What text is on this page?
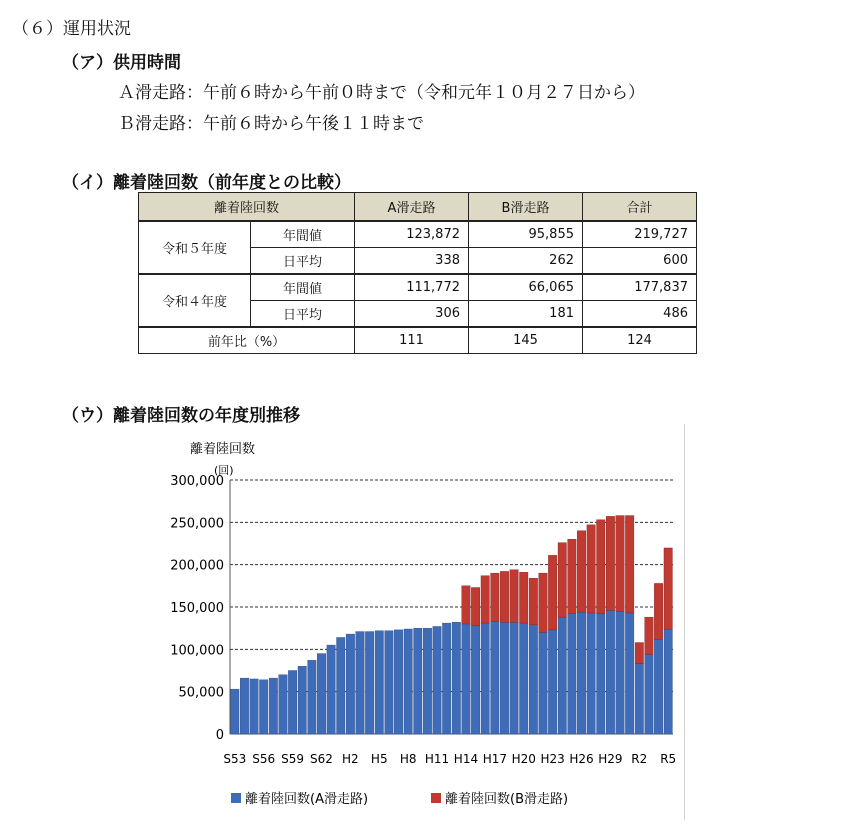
（６）運用状況
（ア）供用時間
Ａ滑走路：午前６時から午前０時まで（令和元年１０月２７日から）
Ｂ滑走路：午前６時から午後１１時まで
（イ）離着陸回数（前年度との比較）
離着陸回数		A滑走路	B滑走路	合計
令和５年度	年間値	123,872	95,855	219,727
	日平均	338	262	600
令和４年度	年間値	111,772	66,065	177,837
	日平均	306	181	486
前年比（%）		111	145	124
（ウ）離着陸回数の年度別推移
離着陸回数
(回)
0
50,000
100,000
150,000
200,000
250,000
300,000
S53 S56 S59 S62 H2 H5 H8 H11 H14 H17 H20 H23 H26 H29 R2 R5
離着陸回数(A滑走路)	離着陸回数(B滑走路)
